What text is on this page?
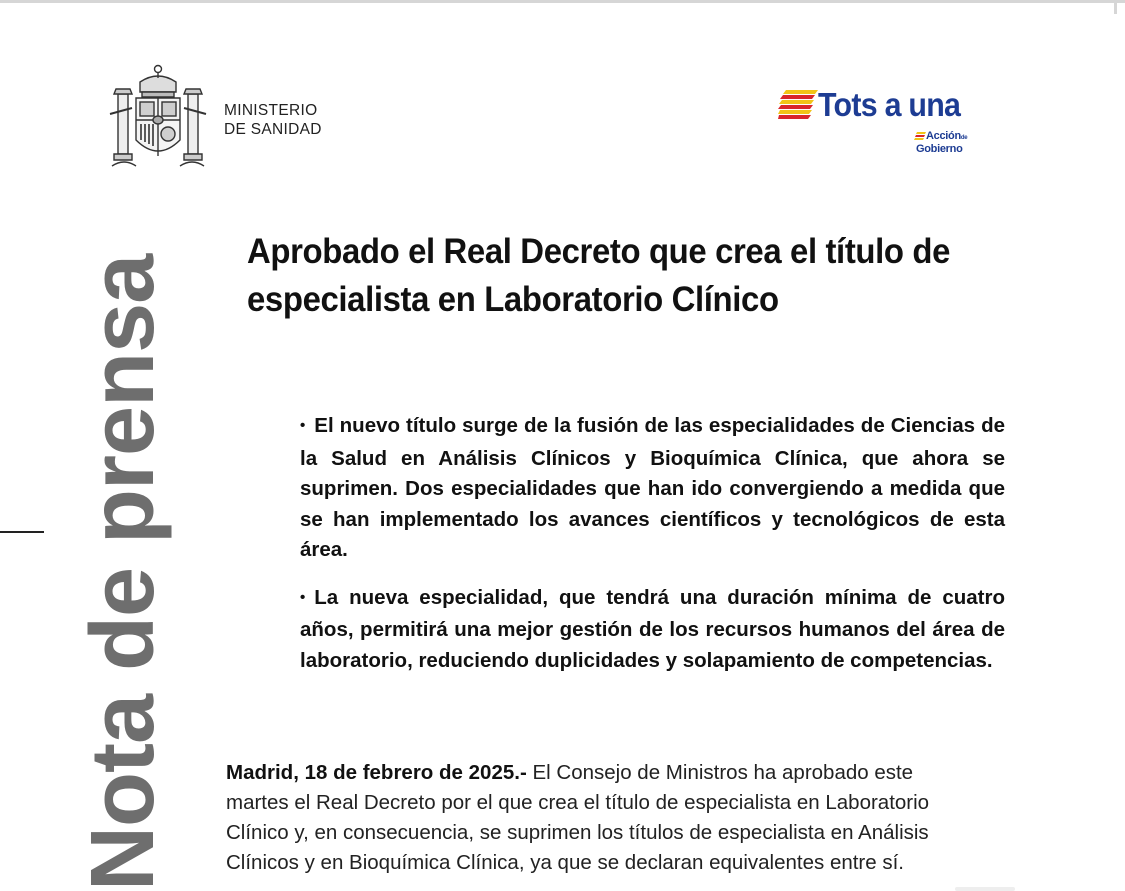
MINISTERIO
DE SANIDAD
Tots a una
Acciónde
Gobierno
Aprobado el Real Decreto que crea el título de
especialista en Laboratorio Clínico
• El nuevo título surge de la fusión de las especialidades de Ciencias de la Salud en Análisis Clínicos y Bioquímica Clínica, que ahora se suprimen. Dos especialidades que han ido convergiendo a medida que se han implementado los avances científicos y tecnológicos de esta área.
• La nueva especialidad, que tendrá una duración mínima de cuatro años, permitirá una mejor gestión de los recursos humanos del área de laboratorio, reduciendo duplicidades y solapamiento de competencias.

Madrid, 18 de febrero de 2025.- El Consejo de Ministros ha aprobado este
martes el Real Decreto por el que crea el título de especialista en Laboratorio
Clínico y, en consecuencia, se suprimen los títulos de especialista en Análisis
Clínicos y en Bioquímica Clínica, ya que se declaran equivalentes entre sí.

Nota de prensa
